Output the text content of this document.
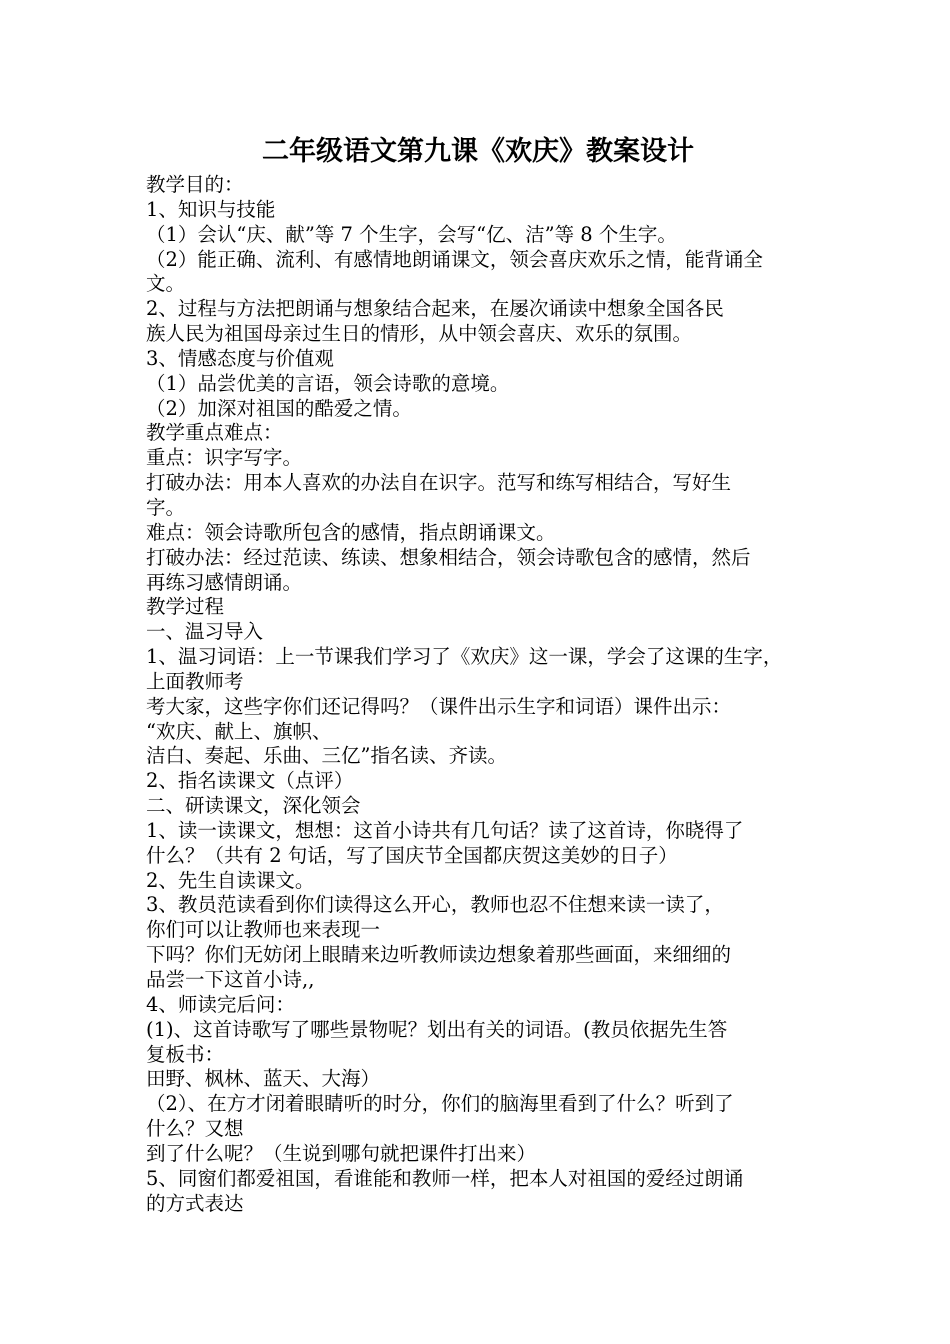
二年级语文第九课《欢庆》教案设计
教学目的：
1、知识与技能
（1）会认“庆、献”等 7 个生字，会写“亿、洁”等 8 个生字。
（2）能正确、流利、有感情地朗诵课文，领会喜庆欢乐之情，能背诵全
文。
2、过程与方法把朗诵与想象结合起来，在屡次诵读中想象全国各民
族人民为祖国母亲过生日的情形，从中领会喜庆、欢乐的氛围。
3、情感态度与价值观
（1）品尝优美的言语，领会诗歌的意境。
（2）加深对祖国的酷爱之情。
教学重点难点：
重点：识字写字。
打破办法：用本人喜欢的办法自在识字。范写和练写相结合，写好生
字。
难点：领会诗歌所包含的感情，指点朗诵课文。
打破办法：经过范读、练读、想象相结合，领会诗歌包含的感情，然后
再练习感情朗诵。
教学过程
一、温习导入
1、温习词语：上一节课我们学习了《欢庆》这一课，学会了这课的生字，
上面教师考
考大家，这些字你们还记得吗？（课件出示生字和词语）课件出示：
“欢庆、献上、旗帜、
洁白、奏起、乐曲、三亿”指名读、齐读。
2、指名读课文（点评）
二、研读课文，深化领会
1、读一读课文，想想：这首小诗共有几句话？读了这首诗，你晓得了
什么？（共有 2 句话，写了国庆节全国都庆贺这美妙的日子）
2、先生自读课文。
3、教员范读看到你们读得这么开心，教师也忍不住想来读一读了，
你们可以让教师也来表现一
下吗？你们无妨闭上眼睛来边听教师读边想象着那些画面，来细细的
品尝一下这首小诗,,
4、师读完后问：
(1)、这首诗歌写了哪些景物呢？划出有关的词语。(教员依据先生答
复板书：
田野、枫林、蓝天、大海）
（2）、在方才闭着眼睛听的时分，你们的脑海里看到了什么？听到了
什么？又想
到了什么呢？（生说到哪句就把课件打出来）
5、同窗们都爱祖国，看谁能和教师一样，把本人对祖国的爱经过朗诵
的方式表达
